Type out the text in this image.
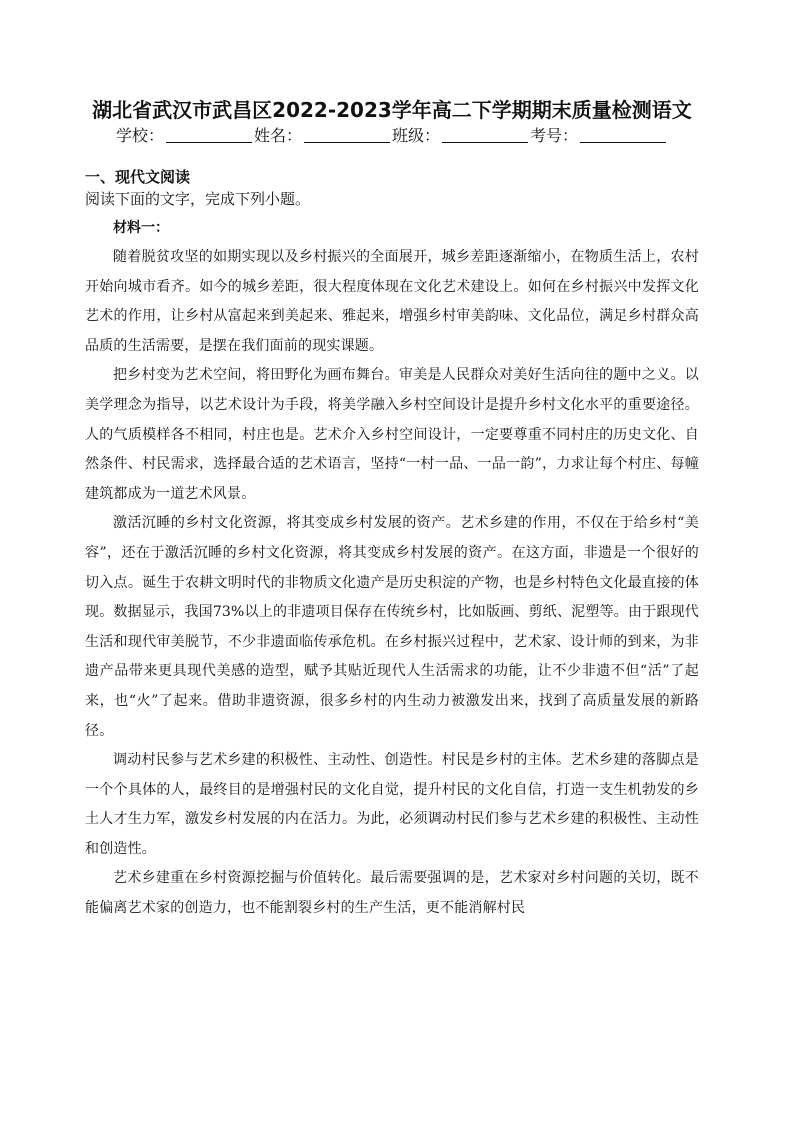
湖北省武汉市武昌区2022-2023学年高二下学期期末质量检测语文
学校：	姓名：	班级：	考号：

一、现代文阅读

阅读下面的文字，完成下列小题。

材料一：

随着脱贫攻坚的如期实现以及乡村振兴的全面展开，城乡差距逐渐缩小，在物质生活上，农村开始向城市看齐。如今的城乡差距，很大程度体现在文化艺术建设上。如何在乡村振兴中发挥文化艺术的作用，让乡村从富起来到美起来、雅起来，增强乡村审美韵味、文化品位，满足乡村群众高品质的生活需要，是摆在我们面前的现实课题。

把乡村变为艺术空间，将田野化为画布舞台。审美是人民群众对美好生活向往的题中之义。以美学理念为指导，以艺术设计为手段，将美学融入乡村空间设计是提升乡村文化水平的重要途径。人的气质模样各不相同，村庄也是。艺术介入乡村空间设计，一定要尊重不同村庄的历史文化、自然条件、村民需求，选择最合适的艺术语言，坚持“一村一品、一品一韵”，力求让每个村庄、每幢建筑都成为一道艺术风景。

激活沉睡的乡村文化资源，将其变成乡村发展的资产。艺术乡建的作用，不仅在于给乡村“美容”，还在于激活沉睡的乡村文化资源，将其变成乡村发展的资产。在这方面，非遗是一个很好的切入点。诞生于农耕文明时代的非物质文化遗产是历史积淀的产物，也是乡村特色文化最直接的体现。数据显示，我国73%以上的非遗项目保存在传统乡村，比如版画、剪纸、泥塑等。由于跟现代生活和现代审美脱节，不少非遗面临传承危机。在乡村振兴过程中，艺术家、设计师的到来，为非遗产品带来更具现代美感的造型，赋予其贴近现代人生活需求的功能，让不少非遗不但“活”了起来，也“火”了起来。借助非遗资源，很多乡村的内生动力被激发出来，找到了高质量发展的新路径。

调动村民参与艺术乡建的积极性、主动性、创造性。村民是乡村的主体。艺术乡建的落脚点是一个个具体的人，最终目的是增强村民的文化自觉，提升村民的文化自信，打造一支生机勃发的乡土人才生力军，激发乡村发展的内在活力。为此，必须调动村民们参与艺术乡建的积极性、主动性和创造性。

艺术乡建重在乡村资源挖掘与价值转化。最后需要强调的是，艺术家对乡村问题的关切，既不能偏离艺术家的创造力，也不能割裂乡村的生产生活，更不能消解村民
